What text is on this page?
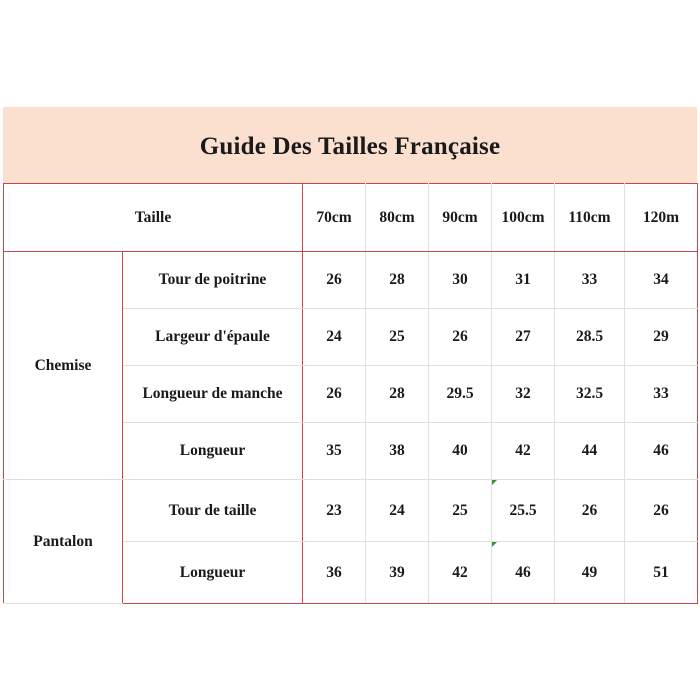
Guide Des Tailles Française
Taille		70cm	80cm	90cm	100cm	110cm	120m
Chemise	Tour de poitrine	26	28	30	31	33	34
	Largeur d'épaule	24	25	26	27	28.5	29
	Longueur de manche	26	28	29.5	32	32.5	33
	Longueur	35	38	40	42	44	46
Pantalon	Tour de taille	23	24	25	25.5	26	26
	Longueur	36	39	42	46	49	51
